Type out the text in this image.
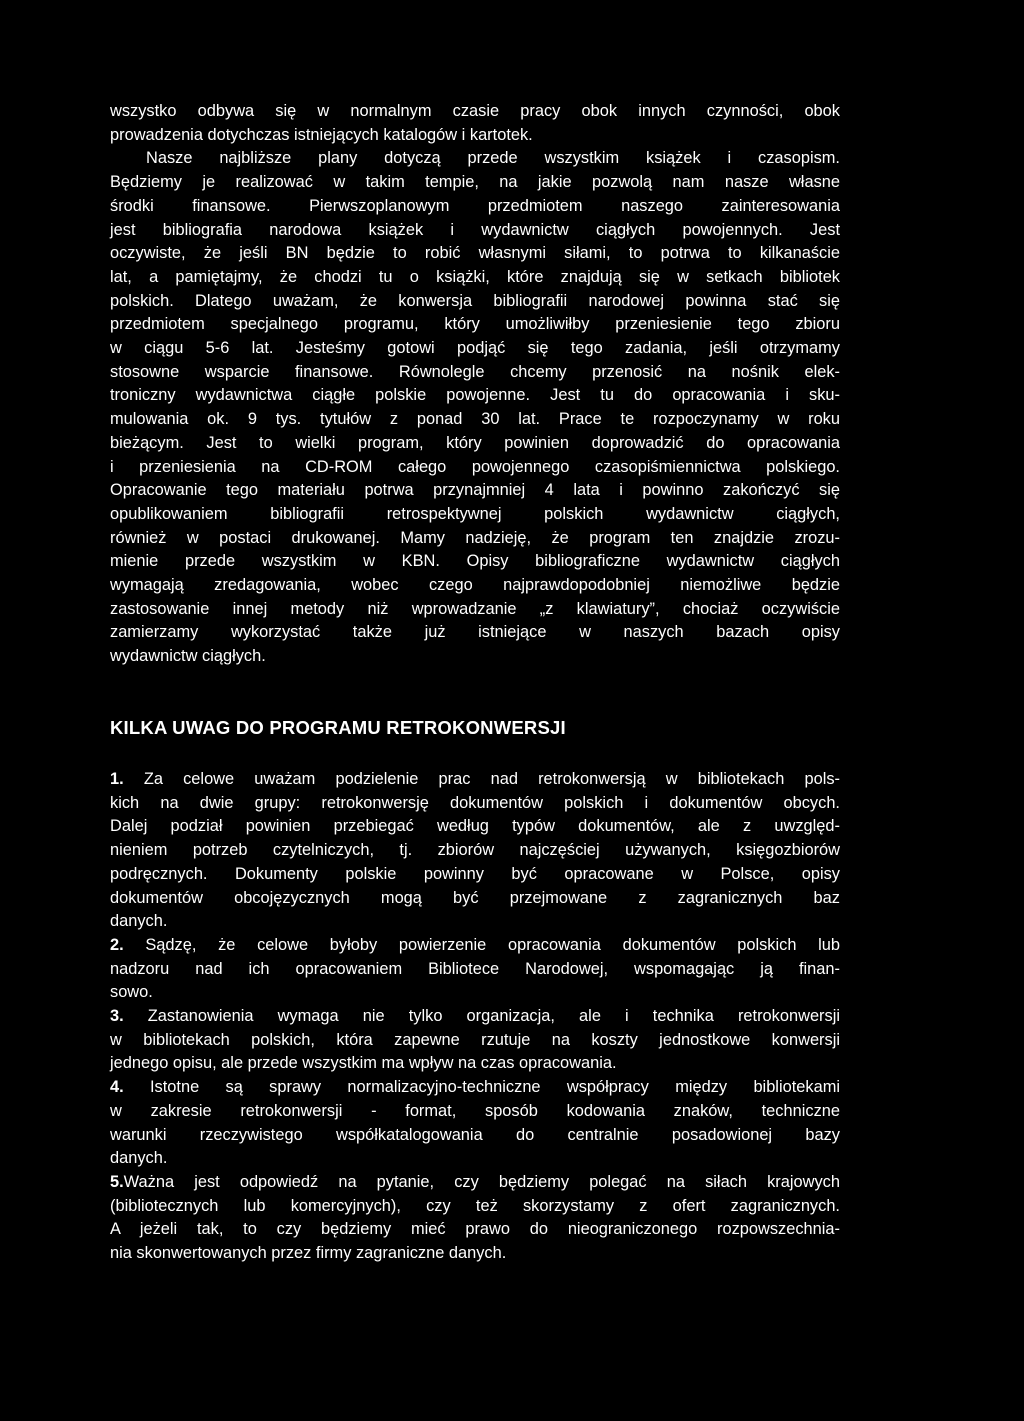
wszystko odbywa się w normalnym czasie pracy obok innych czynności, obok
prowadzenia dotychczas istniejących katalogów i kartotek.
Nasze najbliższe plany dotyczą przede wszystkim książek i czasopism.
Będziemy je realizować w takim tempie, na jakie pozwolą nam nasze własne
środki finansowe. Pierwszoplanowym przedmiotem naszego zainteresowania
jest bibliografia narodowa książek i wydawnictw ciągłych powojennych. Jest
oczywiste, że jeśli BN będzie to robić własnymi siłami, to potrwa to kilkanaście
lat, a pamiętajmy, że chodzi tu o książki, które znajdują się w setkach bibliotek
polskich. Dlatego uważam, że konwersja bibliografii narodowej powinna stać się
przedmiotem specjalnego programu, który umożliwiłby przeniesienie tego zbioru
w ciągu 5-6 lat. Jesteśmy gotowi podjąć się tego zadania, jeśli otrzymamy
stosowne wsparcie finansowe. Równolegle chcemy przenosić na nośnik elek-
troniczny wydawnictwa ciągłe polskie powojenne. Jest tu do opracowania i sku-
mulowania ok. 9 tys. tytułów z ponad 30 lat. Prace te rozpoczynamy w roku
bieżącym. Jest to wielki program, który powinien doprowadzić do opracowania
i przeniesienia na CD-ROM całego powojennego czasopiśmiennictwa polskiego.
Opracowanie tego materiału potrwa przynajmniej 4 lata i powinno zakończyć się
opublikowaniem bibliografii retrospektywnej polskich wydawnictw ciągłych,
również w postaci drukowanej. Mamy nadzieję, że program ten znajdzie zrozu-
mienie przede wszystkim w KBN. Opisy bibliograficzne wydawnictw ciągłych
wymagają zredagowania, wobec czego najprawdopodobniej niemożliwe będzie
zastosowanie innej metody niż wprowadzanie „z klawiatury”, chociaż oczywiście
zamierzamy wykorzystać także już istniejące w naszych bazach opisy
wydawnictw ciągłych.
KILKA UWAG DO PROGRAMU RETROKONWERSJI
1. Za celowe uważam podzielenie prac nad retrokonwersją w bibliotekach pols-
kich na dwie grupy: retrokonwersję dokumentów polskich i dokumentów obcych.
Dalej podział powinien przebiegać według typów dokumentów, ale z uwzględ-
nieniem potrzeb czytelniczych, tj. zbiorów najczęściej używanych, księgozbiorów
podręcznych. Dokumenty polskie powinny być opracowane w Polsce, opisy
dokumentów obcojęzycznych mogą być przejmowane z zagranicznych baz
danych.
2. Sądzę, że celowe byłoby powierzenie opracowania dokumentów polskich lub
nadzoru nad ich opracowaniem Bibliotece Narodowej, wspomagając ją finan-
sowo.
3. Zastanowienia wymaga nie tylko organizacja, ale i technika retrokonwersji
w bibliotekach polskich, która zapewne rzutuje na koszty jednostkowe konwersji
jednego opisu, ale przede wszystkim ma wpływ na czas opracowania.
4. Istotne są sprawy normalizacyjno-techniczne współpracy między bibliotekami
w zakresie retrokonwersji - format, sposób kodowania znaków, techniczne
warunki rzeczywistego współkatalogowania do centralnie posadowionej bazy
danych.
5.Ważna jest odpowiedź na pytanie, czy będziemy polegać na siłach krajowych
(bibliotecznych lub komercyjnych), czy też skorzystamy z ofert zagranicznych.
A jeżeli tak, to czy będziemy mieć prawo do nieograniczonego rozpowszechnia-
nia skonwertowanych przez firmy zagraniczne danych.
